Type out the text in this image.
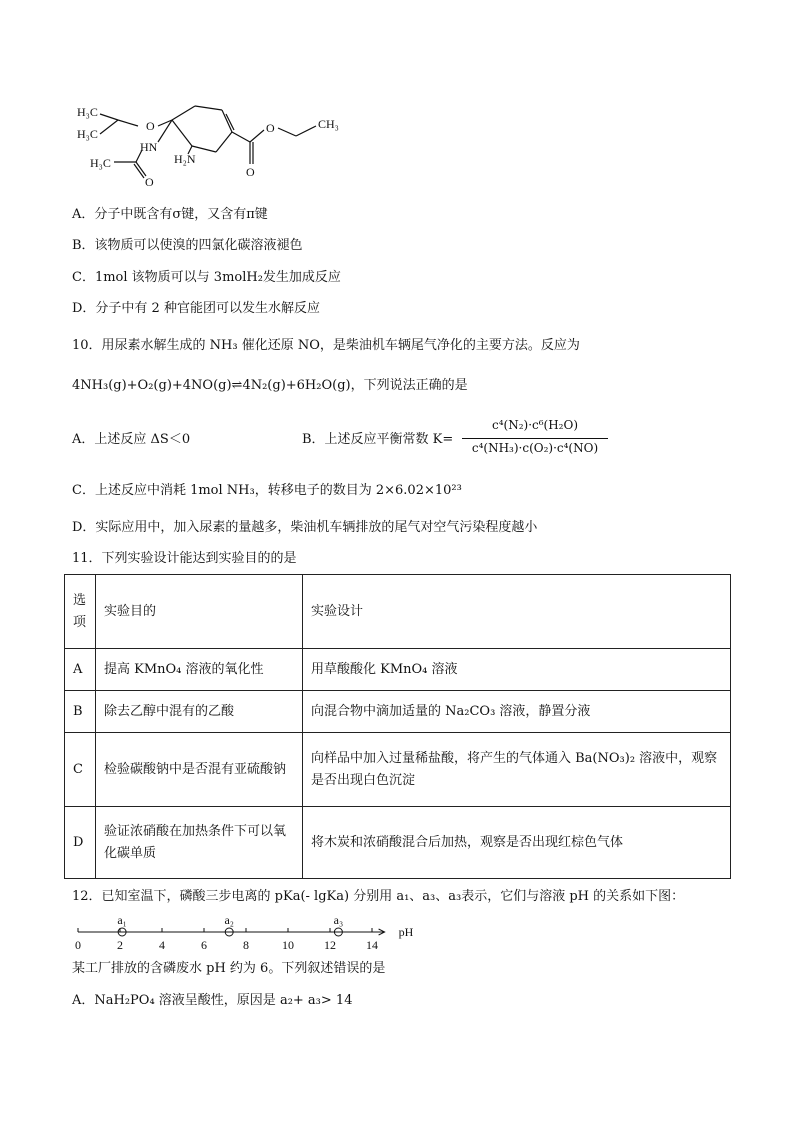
H₃C
H₃C
O
HN
H₃C
O
H₂N
O
O	CH₃
A．分子中既含有σ键，又含有π键
B．该物质可以使溴的四氯化碳溶液褪色
C．1mol 该物质可以与 3molH₂发生加成反应
D．分子中有 2 种官能团可以发生水解反应
10．用尿素水解生成的 NH₃ 催化还原 NO，是柴油机车辆尾气净化的主要方法。反应为
4NH₃(g)+O₂(g)+4NO(g)⇌4N₂(g)+6H₂O(g)，下列说法正确的是
A．上述反应 ΔS＜0	B．上述反应平衡常数 K=
c⁴(N₂)·c⁶(H₂O)
c⁴(NH₃)·c(O₂)·c⁴(NO)
C．上述反应中消耗 1mol NH₃，转移电子的数目为 2×6.02×10²³
D．实际应用中，加入尿素的量越多，柴油机车辆排放的尾气对空气污染程度越小
11．下列实验设计能达到实验目的的是
选项	实验目的	实验设计
A	提高 KMnO₄ 溶液的氧化性	用草酸酸化 KMnO₄ 溶液
B	除去乙醇中混有的乙酸	向混合物中滴加适量的 Na₂CO₃ 溶液，静置分液
C	检验碳酸钠中是否混有亚硫酸钠	向样品中加入过量稀盐酸，将产生的气体通入 Ba(NO₃)₂ 溶液中，观察是否出现白色沉淀
D	验证浓硝酸在加热条件下可以氧化碳单质	将木炭和浓硝酸混合后加热，观察是否出现红棕色气体
12．已知室温下，磷酸三步电离的 pKa(- lgKa) 分别用 a₁、a₃、a₃表示，它们与溶液 pH 的关系如下图：
0	2	4	6	8	10	12	14
a₁	a₂	a₃
pH
某工厂排放的含磷废水 pH 约为 6。下列叙述错误的是
A．NaH₂PO₄ 溶液呈酸性，原因是 a₂+ a₃> 14
